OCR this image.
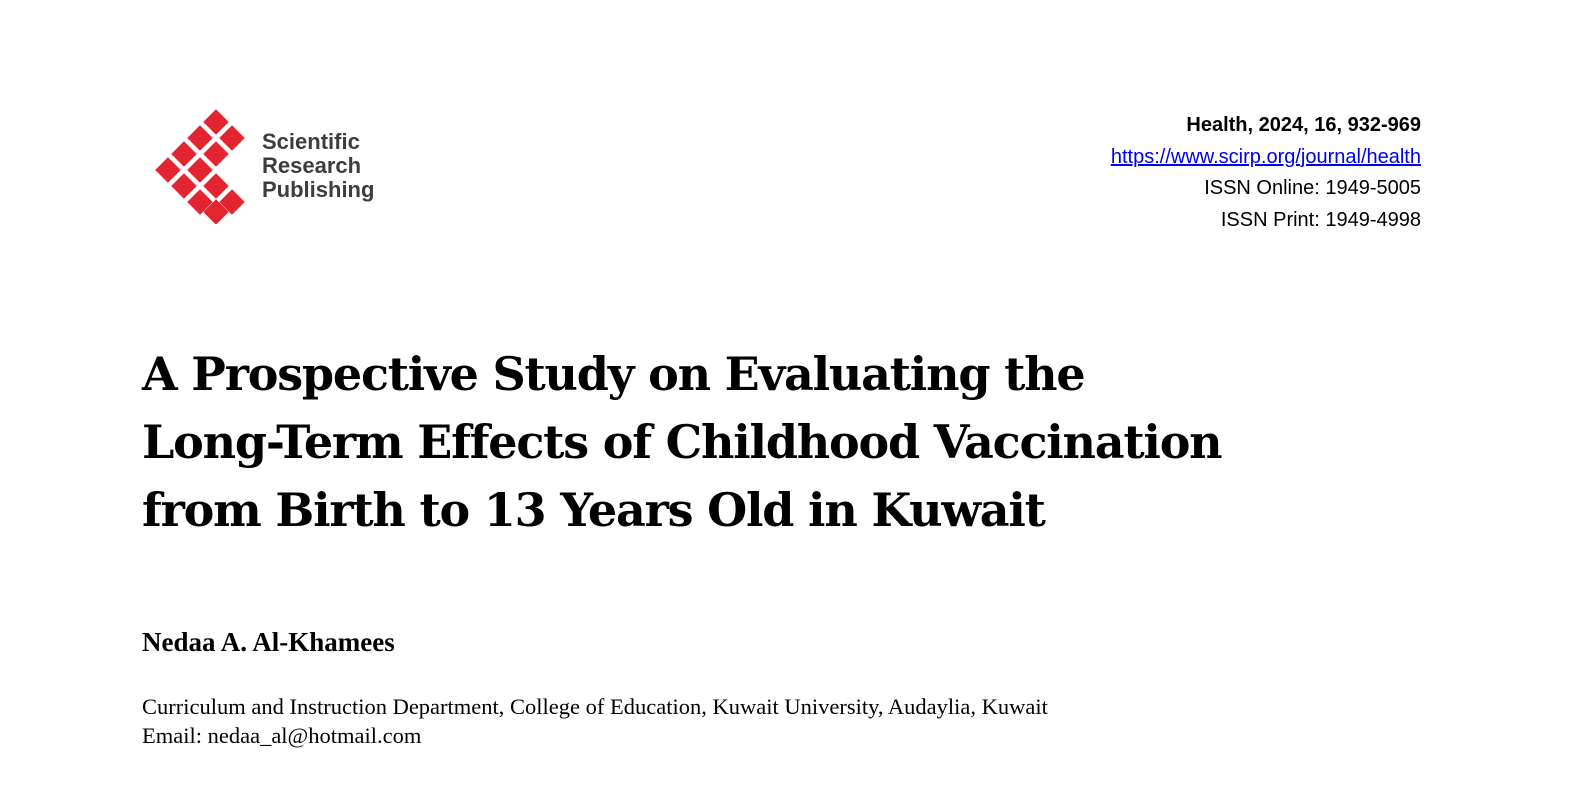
Scientific
Research
Publishing
Health, 2024, 16, 932-969
https://www.scirp.org/journal/health
ISSN Online: 1949-5005
ISSN Print: 1949-4998
A Prospective Study on Evaluating the
Long-Term Effects of Childhood Vaccination
from Birth to 13 Years Old in Kuwait
Nedaa A. Al-Khamees
Curriculum and Instruction Department, College of Education, Kuwait University, Audaylia, Kuwait
Email: nedaa_al@hotmail.com
